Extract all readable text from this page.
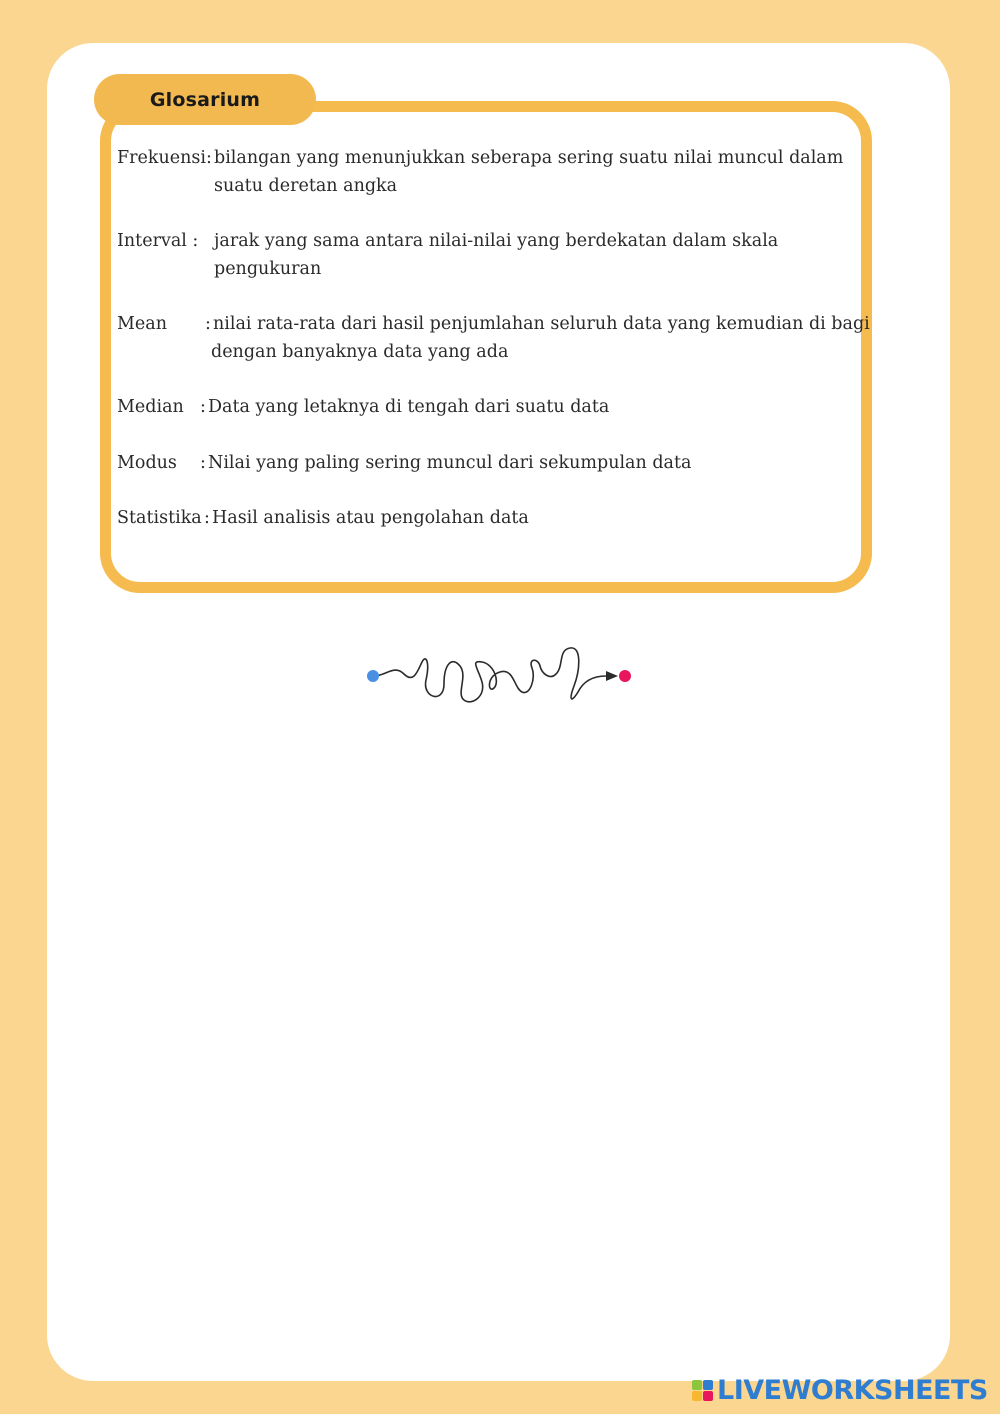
Glosarium
Frekuensi : bilangan yang menunjukkan seberapa sering suatu nilai muncul dalam
suatu deretan angka
Interval : jarak yang sama antara nilai-nilai yang berdekatan dalam skala
pengukuran
Mean : nilai rata-rata dari hasil penjumlahan seluruh data yang kemudian di bagi
dengan banyaknya data yang ada
Median : Data yang letaknya di tengah dari suatu data
Modus : Nilai yang paling sering muncul dari sekumpulan data
Statistika : Hasil analisis atau pengolahan data
LIVEWORKSHEETS
